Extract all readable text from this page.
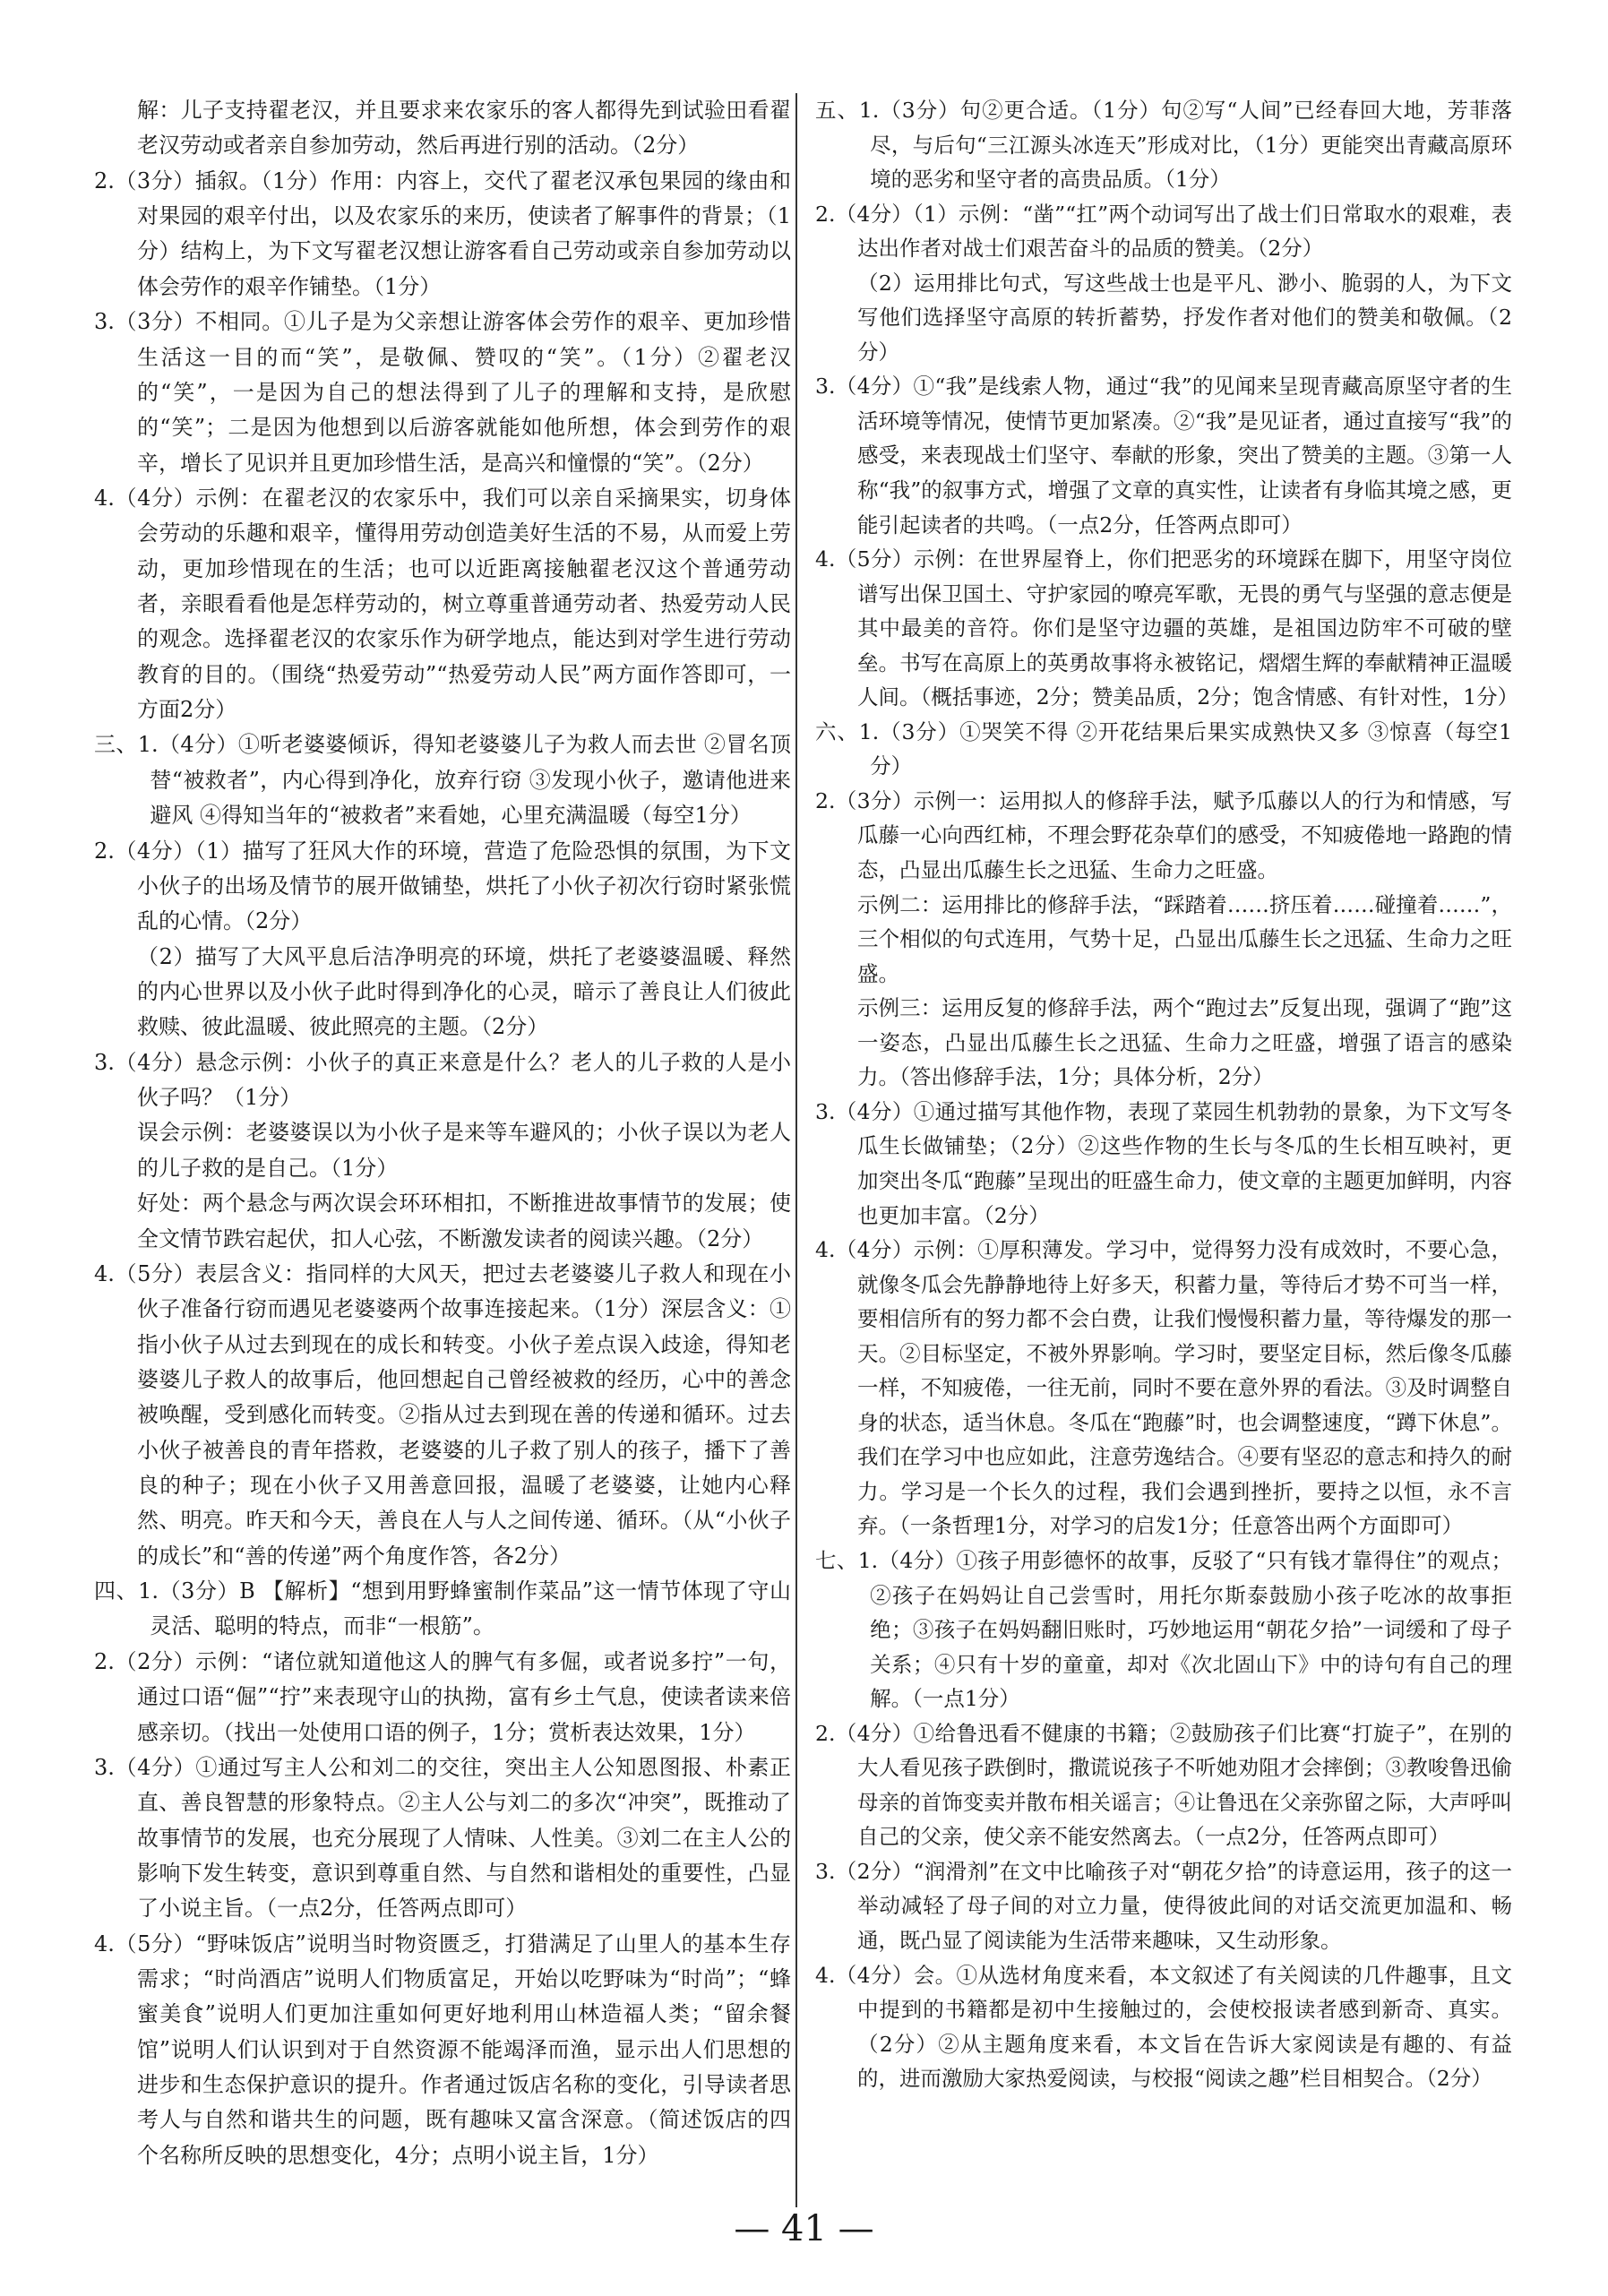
解：儿子支持翟老汉，并且要求来农家乐的客人都得先到试验田看翟老汉劳动或者亲自参加劳动，然后再进行别的活动。（2分）

2.（3分）插叙。（1分）作用：内容上，交代了翟老汉承包果园的缘由和对果园的艰辛付出，以及农家乐的来历，使读者了解事件的背景；（1分）结构上，为下文写翟老汉想让游客看自己劳动或亲自参加劳动以体会劳作的艰辛作铺垫。（1分）

3.（3分）不相同。①儿子是为父亲想让游客体会劳作的艰辛、更加珍惜生活这一目的而“笑”，是敬佩、赞叹的“笑”。（1分）②翟老汉的“笑”，一是因为自己的想法得到了儿子的理解和支持，是欣慰的“笑”；二是因为他想到以后游客就能如他所想，体会到劳作的艰辛，增长了见识并且更加珍惜生活，是高兴和憧憬的“笑”。（2分）

4.（4分）示例：在翟老汉的农家乐中，我们可以亲自采摘果实，切身体会劳动的乐趣和艰辛，懂得用劳动创造美好生活的不易，从而爱上劳动，更加珍惜现在的生活；也可以近距离接触翟老汉这个普通劳动者，亲眼看看他是怎样劳动的，树立尊重普通劳动者、热爱劳动人民的观念。选择翟老汉的农家乐作为研学地点，能达到对学生进行劳动教育的目的。（围绕“热爱劳动”“热爱劳动人民”两方面作答即可，一方面2分）

三、1.（4分）①听老婆婆倾诉，得知老婆婆儿子为救人而去世 ②冒名顶替“被救者”，内心得到净化，放弃行窃 ③发现小伙子，邀请他进来避风 ④得知当年的“被救者”来看她，心里充满温暖（每空1分）

2.（4分）（1）描写了狂风大作的环境，营造了危险恐惧的氛围，为下文小伙子的出场及情节的展开做铺垫，烘托了小伙子初次行窃时紧张慌乱的心情。（2分）

（2）描写了大风平息后洁净明亮的环境，烘托了老婆婆温暖、释然的内心世界以及小伙子此时得到净化的心灵，暗示了善良让人们彼此救赎、彼此温暖、彼此照亮的主题。（2分）

3.（4分）悬念示例：小伙子的真正来意是什么？老人的儿子救的人是小伙子吗？（1分）

误会示例：老婆婆误以为小伙子是来等车避风的；小伙子误以为老人的儿子救的是自己。（1分）

好处：两个悬念与两次误会环环相扣，不断推进故事情节的发展；使全文情节跌宕起伏，扣人心弦，不断激发读者的阅读兴趣。（2分）

4.（5分）表层含义：指同样的大风天，把过去老婆婆儿子救人和现在小伙子准备行窃而遇见老婆婆两个故事连接起来。（1分）深层含义：①指小伙子从过去到现在的成长和转变。小伙子差点误入歧途，得知老婆婆儿子救人的故事后，他回想起自己曾经被救的经历，心中的善念被唤醒，受到感化而转变。②指从过去到现在善的传递和循环。过去小伙子被善良的青年搭救，老婆婆的儿子救了别人的孩子，播下了善良的种子；现在小伙子又用善意回报，温暖了老婆婆，让她内心释然、明亮。昨天和今天，善良在人与人之间传递、循环。（从“小伙子的成长”和“善的传递”两个角度作答，各2分）

四、1.（3分）B 【解析】“想到用野蜂蜜制作菜品”这一情节体现了守山灵活、聪明的特点，而非“一根筋”。

2.（2分）示例：“诸位就知道他这人的脾气有多倔，或者说多拧”一句，通过口语“倔”“拧”来表现守山的执拗，富有乡土气息，使读者读来倍感亲切。（找出一处使用口语的例子，1分；赏析表达效果，1分）

3.（4分）①通过写主人公和刘二的交往，突出主人公知恩图报、朴素正直、善良智慧的形象特点。②主人公与刘二的多次“冲突”，既推动了故事情节的发展，也充分展现了人情味、人性美。③刘二在主人公的影响下发生转变，意识到尊重自然、与自然和谐相处的重要性，凸显了小说主旨。（一点2分，任答两点即可）

4.（5分）“野味饭店”说明当时物资匮乏，打猎满足了山里人的基本生存需求；“时尚酒店”说明人们物质富足，开始以吃野味为“时尚”；“蜂蜜美食”说明人们更加注重如何更好地利用山林造福人类；“留余餐馆”说明人们认识到对于自然资源不能竭泽而渔，显示出人们思想的进步和生态保护意识的提升。作者通过饭店名称的变化，引导读者思考人与自然和谐共生的问题，既有趣味又富含深意。（简述饭店的四个名称所反映的思想变化，4分；点明小说主旨，1分）

五、1.（3分）句②更合适。（1分）句②写“人间”已经春回大地，芳菲落尽，与后句“三江源头冰连天”形成对比，（1分）更能突出青藏高原环境的恶劣和坚守者的高贵品质。（1分）

2.（4分）（1）示例：“凿”“扛”两个动词写出了战士们日常取水的艰难，表达出作者对战士们艰苦奋斗的品质的赞美。（2分）

（2）运用排比句式，写这些战士也是平凡、渺小、脆弱的人，为下文写他们选择坚守高原的转折蓄势，抒发作者对他们的赞美和敬佩。（2分）

3.（4分）①“我”是线索人物，通过“我”的见闻来呈现青藏高原坚守者的生活环境等情况，使情节更加紧凑。②“我”是见证者，通过直接写“我”的感受，来表现战士们坚守、奉献的形象，突出了赞美的主题。③第一人称“我”的叙事方式，增强了文章的真实性，让读者有身临其境之感，更能引起读者的共鸣。（一点2分，任答两点即可）

4.（5分）示例：在世界屋脊上，你们把恶劣的环境踩在脚下，用坚守岗位谱写出保卫国土、守护家园的嘹亮军歌，无畏的勇气与坚强的意志便是其中最美的音符。你们是坚守边疆的英雄，是祖国边防牢不可破的壁垒。书写在高原上的英勇故事将永被铭记，熠熠生辉的奉献精神正温暖人间。（概括事迹，2分；赞美品质，2分；饱含情感、有针对性，1分）

六、1.（3分）①哭笑不得 ②开花结果后果实成熟快又多 ③惊喜（每空1分）

2.（3分）示例一：运用拟人的修辞手法，赋予瓜藤以人的行为和情感，写瓜藤一心向西红柿，不理会野花杂草们的感受，不知疲倦地一路跑的情态，凸显出瓜藤生长之迅猛、生命力之旺盛。

示例二：运用排比的修辞手法，“踩踏着……挤压着……碰撞着……”，三个相似的句式连用，气势十足，凸显出瓜藤生长之迅猛、生命力之旺盛。

示例三：运用反复的修辞手法，两个“跑过去”反复出现，强调了“跑”这一姿态，凸显出瓜藤生长之迅猛、生命力之旺盛，增强了语言的感染力。（答出修辞手法，1分；具体分析，2分）

3.（4分）①通过描写其他作物，表现了菜园生机勃勃的景象，为下文写冬瓜生长做铺垫；（2分）②这些作物的生长与冬瓜的生长相互映衬，更加突出冬瓜“跑藤”呈现出的旺盛生命力，使文章的主题更加鲜明，内容也更加丰富。（2分）

4.（4分）示例：①厚积薄发。学习中，觉得努力没有成效时，不要心急，就像冬瓜会先静静地待上好多天，积蓄力量，等待后才势不可当一样，要相信所有的努力都不会白费，让我们慢慢积蓄力量，等待爆发的那一天。②目标坚定，不被外界影响。学习时，要坚定目标，然后像冬瓜藤一样，不知疲倦，一往无前，同时不要在意外界的看法。③及时调整自身的状态，适当休息。冬瓜在“跑藤”时，也会调整速度，“蹲下休息”。我们在学习中也应如此，注意劳逸结合。④要有坚忍的意志和持久的耐力。学习是一个长久的过程，我们会遇到挫折，要持之以恒，永不言弃。（一条哲理1分，对学习的启发1分；任意答出两个方面即可）

七、1.（4分）①孩子用彭德怀的故事，反驳了“只有钱才靠得住”的观点；②孩子在妈妈让自己尝雪时，用托尔斯泰鼓励小孩子吃冰的故事拒绝；③孩子在妈妈翻旧账时，巧妙地运用“朝花夕拾”一词缓和了母子关系；④只有十岁的童童，却对《次北固山下》中的诗句有自己的理解。（一点1分）

2.（4分）①给鲁迅看不健康的书籍；②鼓励孩子们比赛“打旋子”，在别的大人看见孩子跌倒时，撒谎说孩子不听她劝阻才会摔倒；③教唆鲁迅偷母亲的首饰变卖并散布相关谣言；④让鲁迅在父亲弥留之际，大声呼叫自己的父亲，使父亲不能安然离去。（一点2分，任答两点即可）

3.（2分）“润滑剂”在文中比喻孩子对“朝花夕拾”的诗意运用，孩子的这一举动减轻了母子间的对立力量，使得彼此间的对话交流更加温和、畅通，既凸显了阅读能为生活带来趣味，又生动形象。

4.（4分）会。①从选材角度来看，本文叙述了有关阅读的几件趣事，且文中提到的书籍都是初中生接触过的，会使校报读者感到新奇、真实。（2分）②从主题角度来看，本文旨在告诉大家阅读是有趣的、有益的，进而激励大家热爱阅读，与校报“阅读之趣”栏目相契合。（2分）

— 41 —
